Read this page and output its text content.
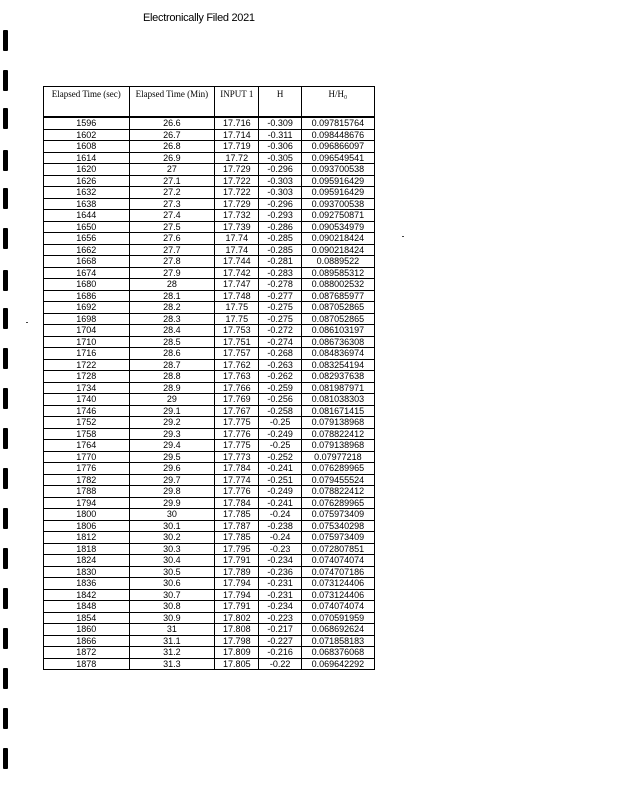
Electronically Filed 2021
Elapsed Time (sec)	Elapsed Time (Min)	INPUT 1	H	H/H₀
1596	26.6	17.716	-0.309	0.097815764
1602	26.7	17.714	-0.311	0.098448676
1608	26.8	17.719	-0.306	0.096866097
1614	26.9	17.72	-0.305	0.096549541
1620	27	17.729	-0.296	0.093700538
1626	27.1	17.722	-0.303	0.095916429
1632	27.2	17.722	-0.303	0.095916429
1638	27.3	17.729	-0.296	0.093700538
1644	27.4	17.732	-0.293	0.092750871
1650	27.5	17.739	-0.286	0.090534979
1656	27.6	17.74	-0.285	0.090218424
1662	27.7	17.74	-0.285	0.090218424
1668	27.8	17.744	-0.281	0.0889522
1674	27.9	17.742	-0.283	0.089585312
1680	28	17.747	-0.278	0.088002532
1686	28.1	17.748	-0.277	0.087685977
1692	28.2	17.75	-0.275	0.087052865
1698	28.3	17.75	-0.275	0.087052865
1704	28.4	17.753	-0.272	0.086103197
1710	28.5	17.751	-0.274	0.086736308
1716	28.6	17.757	-0.268	0.084836974
1722	28.7	17.762	-0.263	0.083254194
1728	28.8	17.763	-0.262	0.082937638
1734	28.9	17.766	-0.259	0.081987971
1740	29	17.769	-0.256	0.081038303
1746	29.1	17.767	-0.258	0.081671415
1752	29.2	17.775	-0.25	0.079138968
1758	29.3	17.776	-0.249	0.078822412
1764	29.4	17.775	-0.25	0.079138968
1770	29.5	17.773	-0.252	0.07977218
1776	29.6	17.784	-0.241	0.076289965
1782	29.7	17.774	-0.251	0.079455524
1788	29.8	17.776	-0.249	0.078822412
1794	29.9	17.784	-0.241	0.076289965
1800	30	17.785	-0.24	0.075973409
1806	30.1	17.787	-0.238	0.075340298
1812	30.2	17.785	-0.24	0.075973409
1818	30.3	17.795	-0.23	0.072807851
1824	30.4	17.791	-0.234	0.074074074
1830	30.5	17.789	-0.236	0.074707186
1836	30.6	17.794	-0.231	0.073124406
1842	30.7	17.794	-0.231	0.073124406
1848	30.8	17.791	-0.234	0.074074074
1854	30.9	17.802	-0.223	0.070591959
1860	31	17.808	-0.217	0.068692624
1866	31.1	17.798	-0.227	0.071858183
1872	31.2	17.809	-0.216	0.068376068
1878	31.3	17.805	-0.22	0.069642292
